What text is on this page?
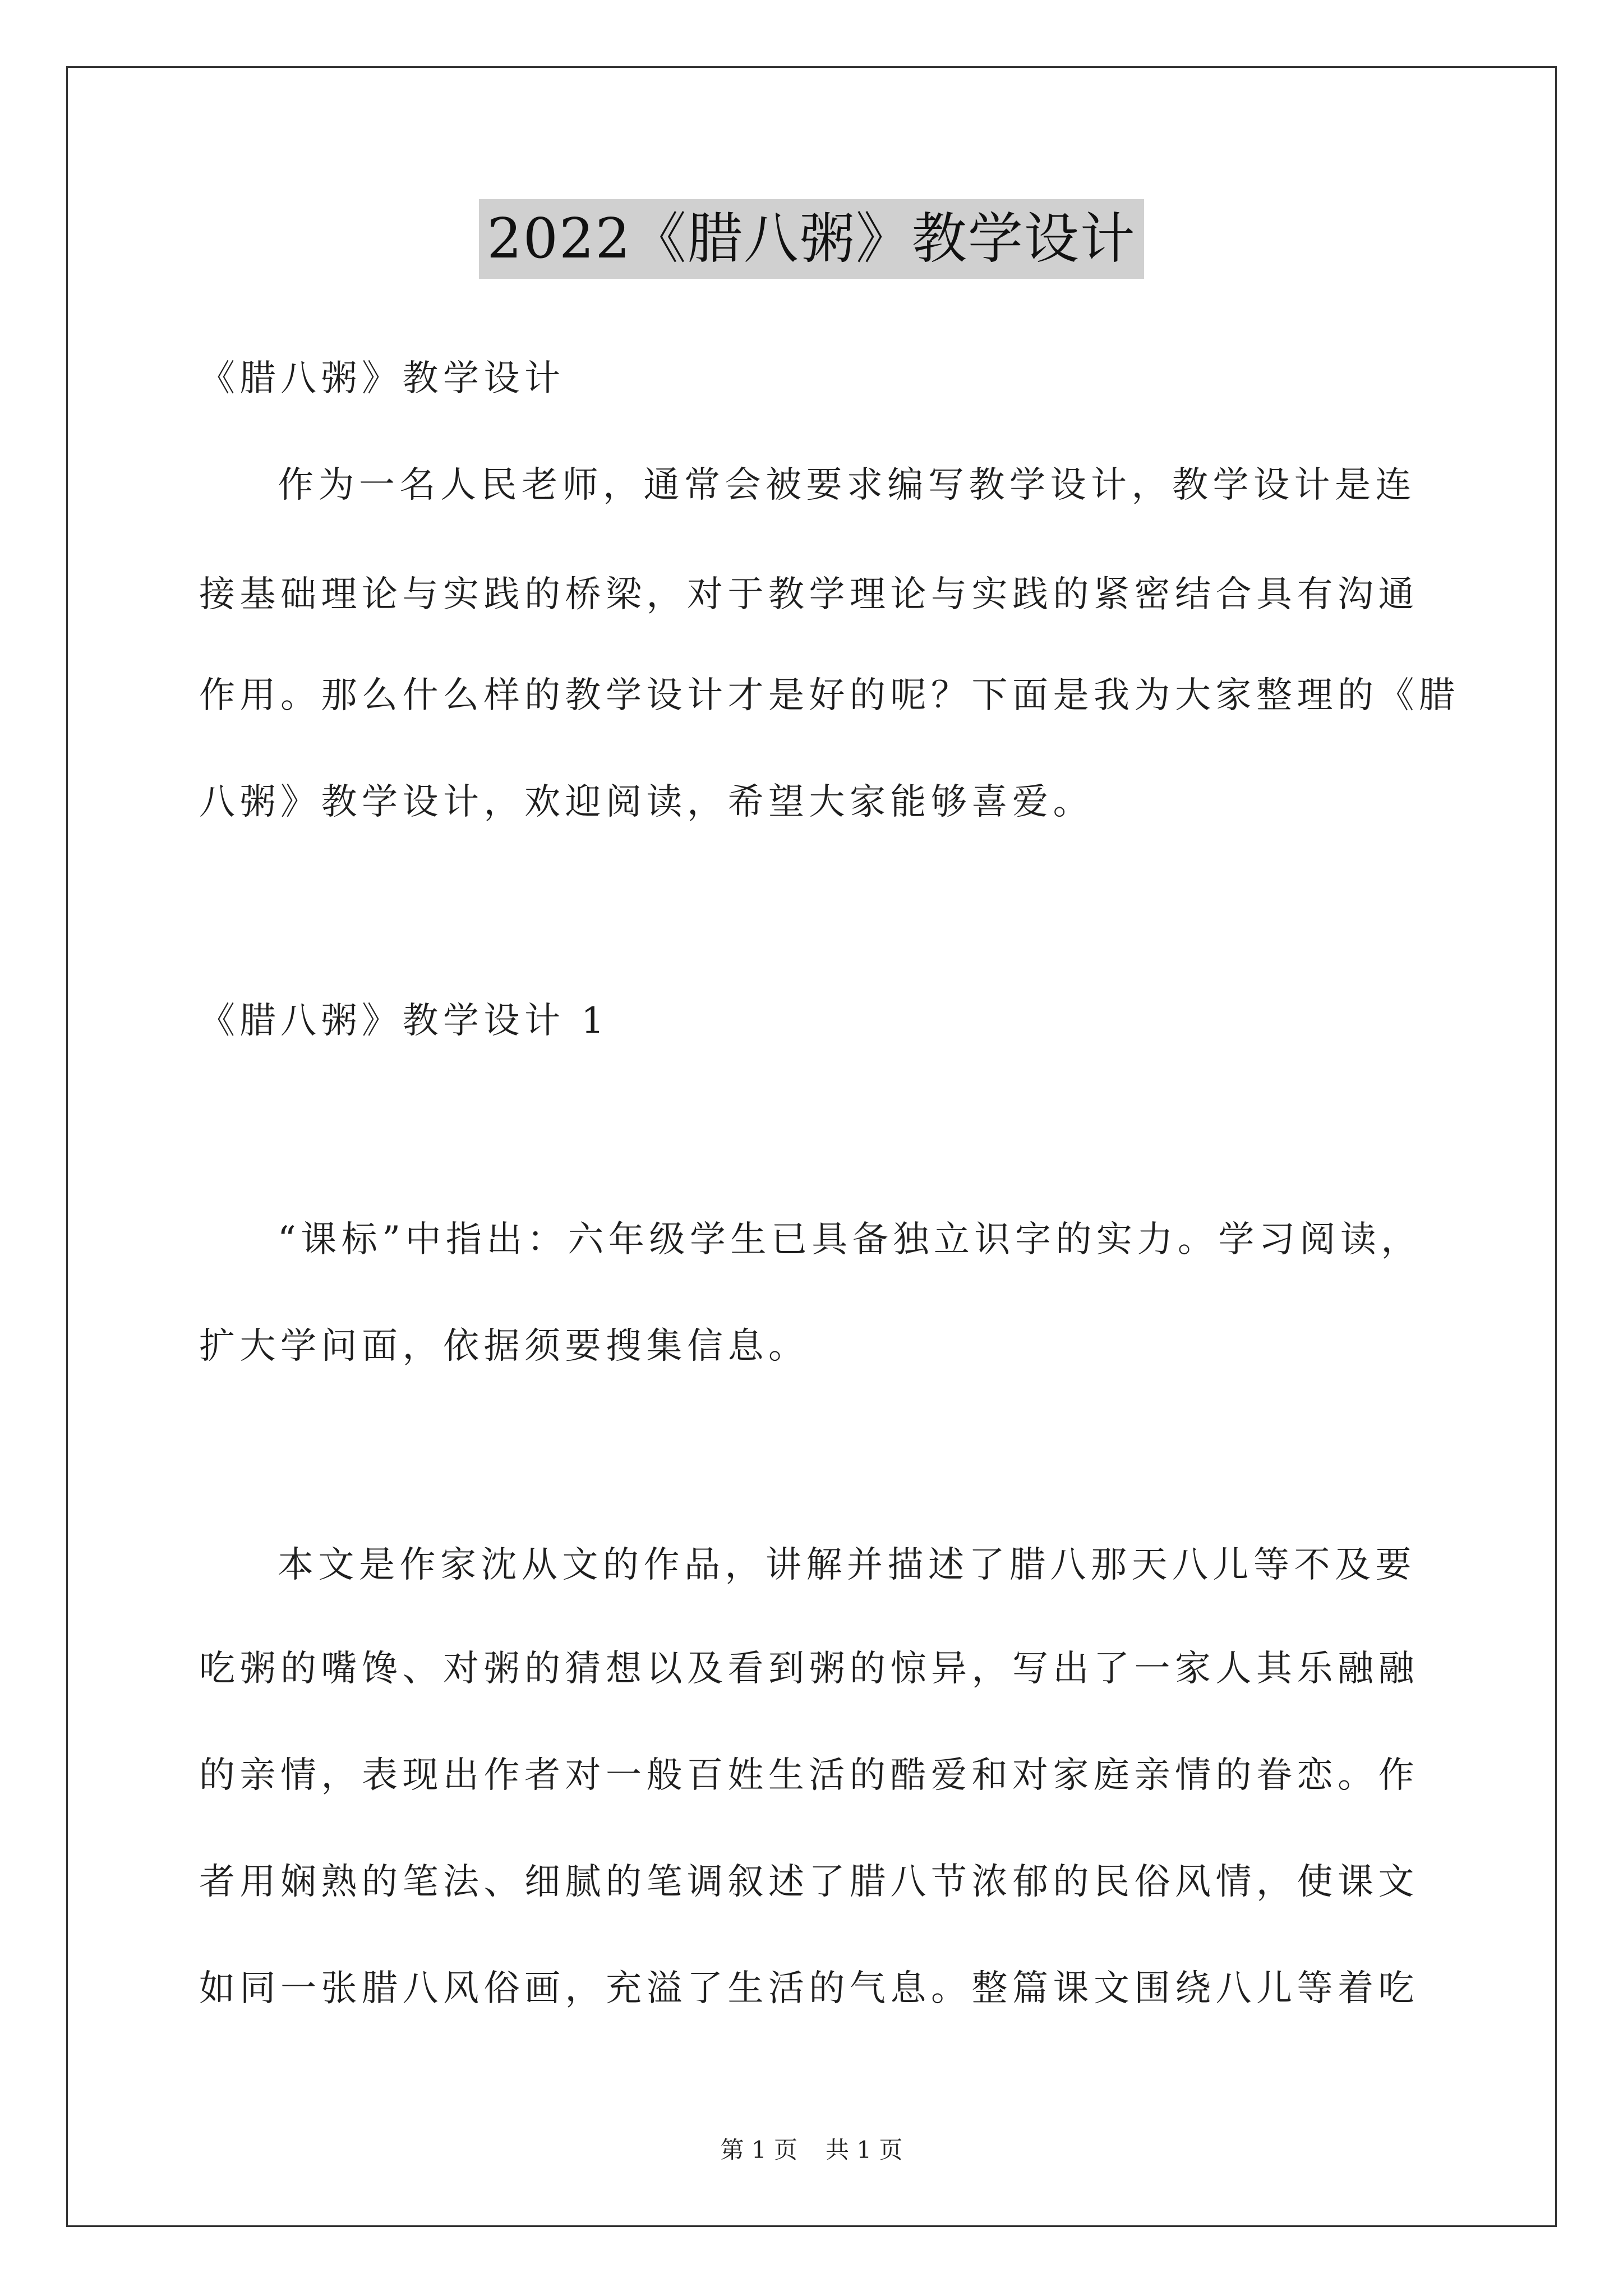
2022《腊八粥》教学设计
《腊八粥》教学设计
作为一名人民老师，通常会被要求编写教学设计，教学设计是连
接基础理论与实践的桥梁，对于教学理论与实践的紧密结合具有沟通
作用。那么什么样的教学设计才是好的呢？下面是我为大家整理的《腊
八粥》教学设计，欢迎阅读，希望大家能够喜爱。
《腊八粥》教学设计 1
“课标”中指出：六年级学生已具备独立识字的实力。学习阅读，
扩大学问面，依据须要搜集信息。
本文是作家沈从文的作品，讲解并描述了腊八那天八儿等不及要
吃粥的嘴馋、对粥的猜想以及看到粥的惊异，写出了一家人其乐融融
的亲情，表现出作者对一般百姓生活的酷爱和对家庭亲情的眷恋。作
者用娴熟的笔法、细腻的笔调叙述了腊八节浓郁的民俗风情，使课文
如同一张腊八风俗画，充溢了生活的气息。整篇课文围绕八儿等着吃
第 1 页 共 1 页
